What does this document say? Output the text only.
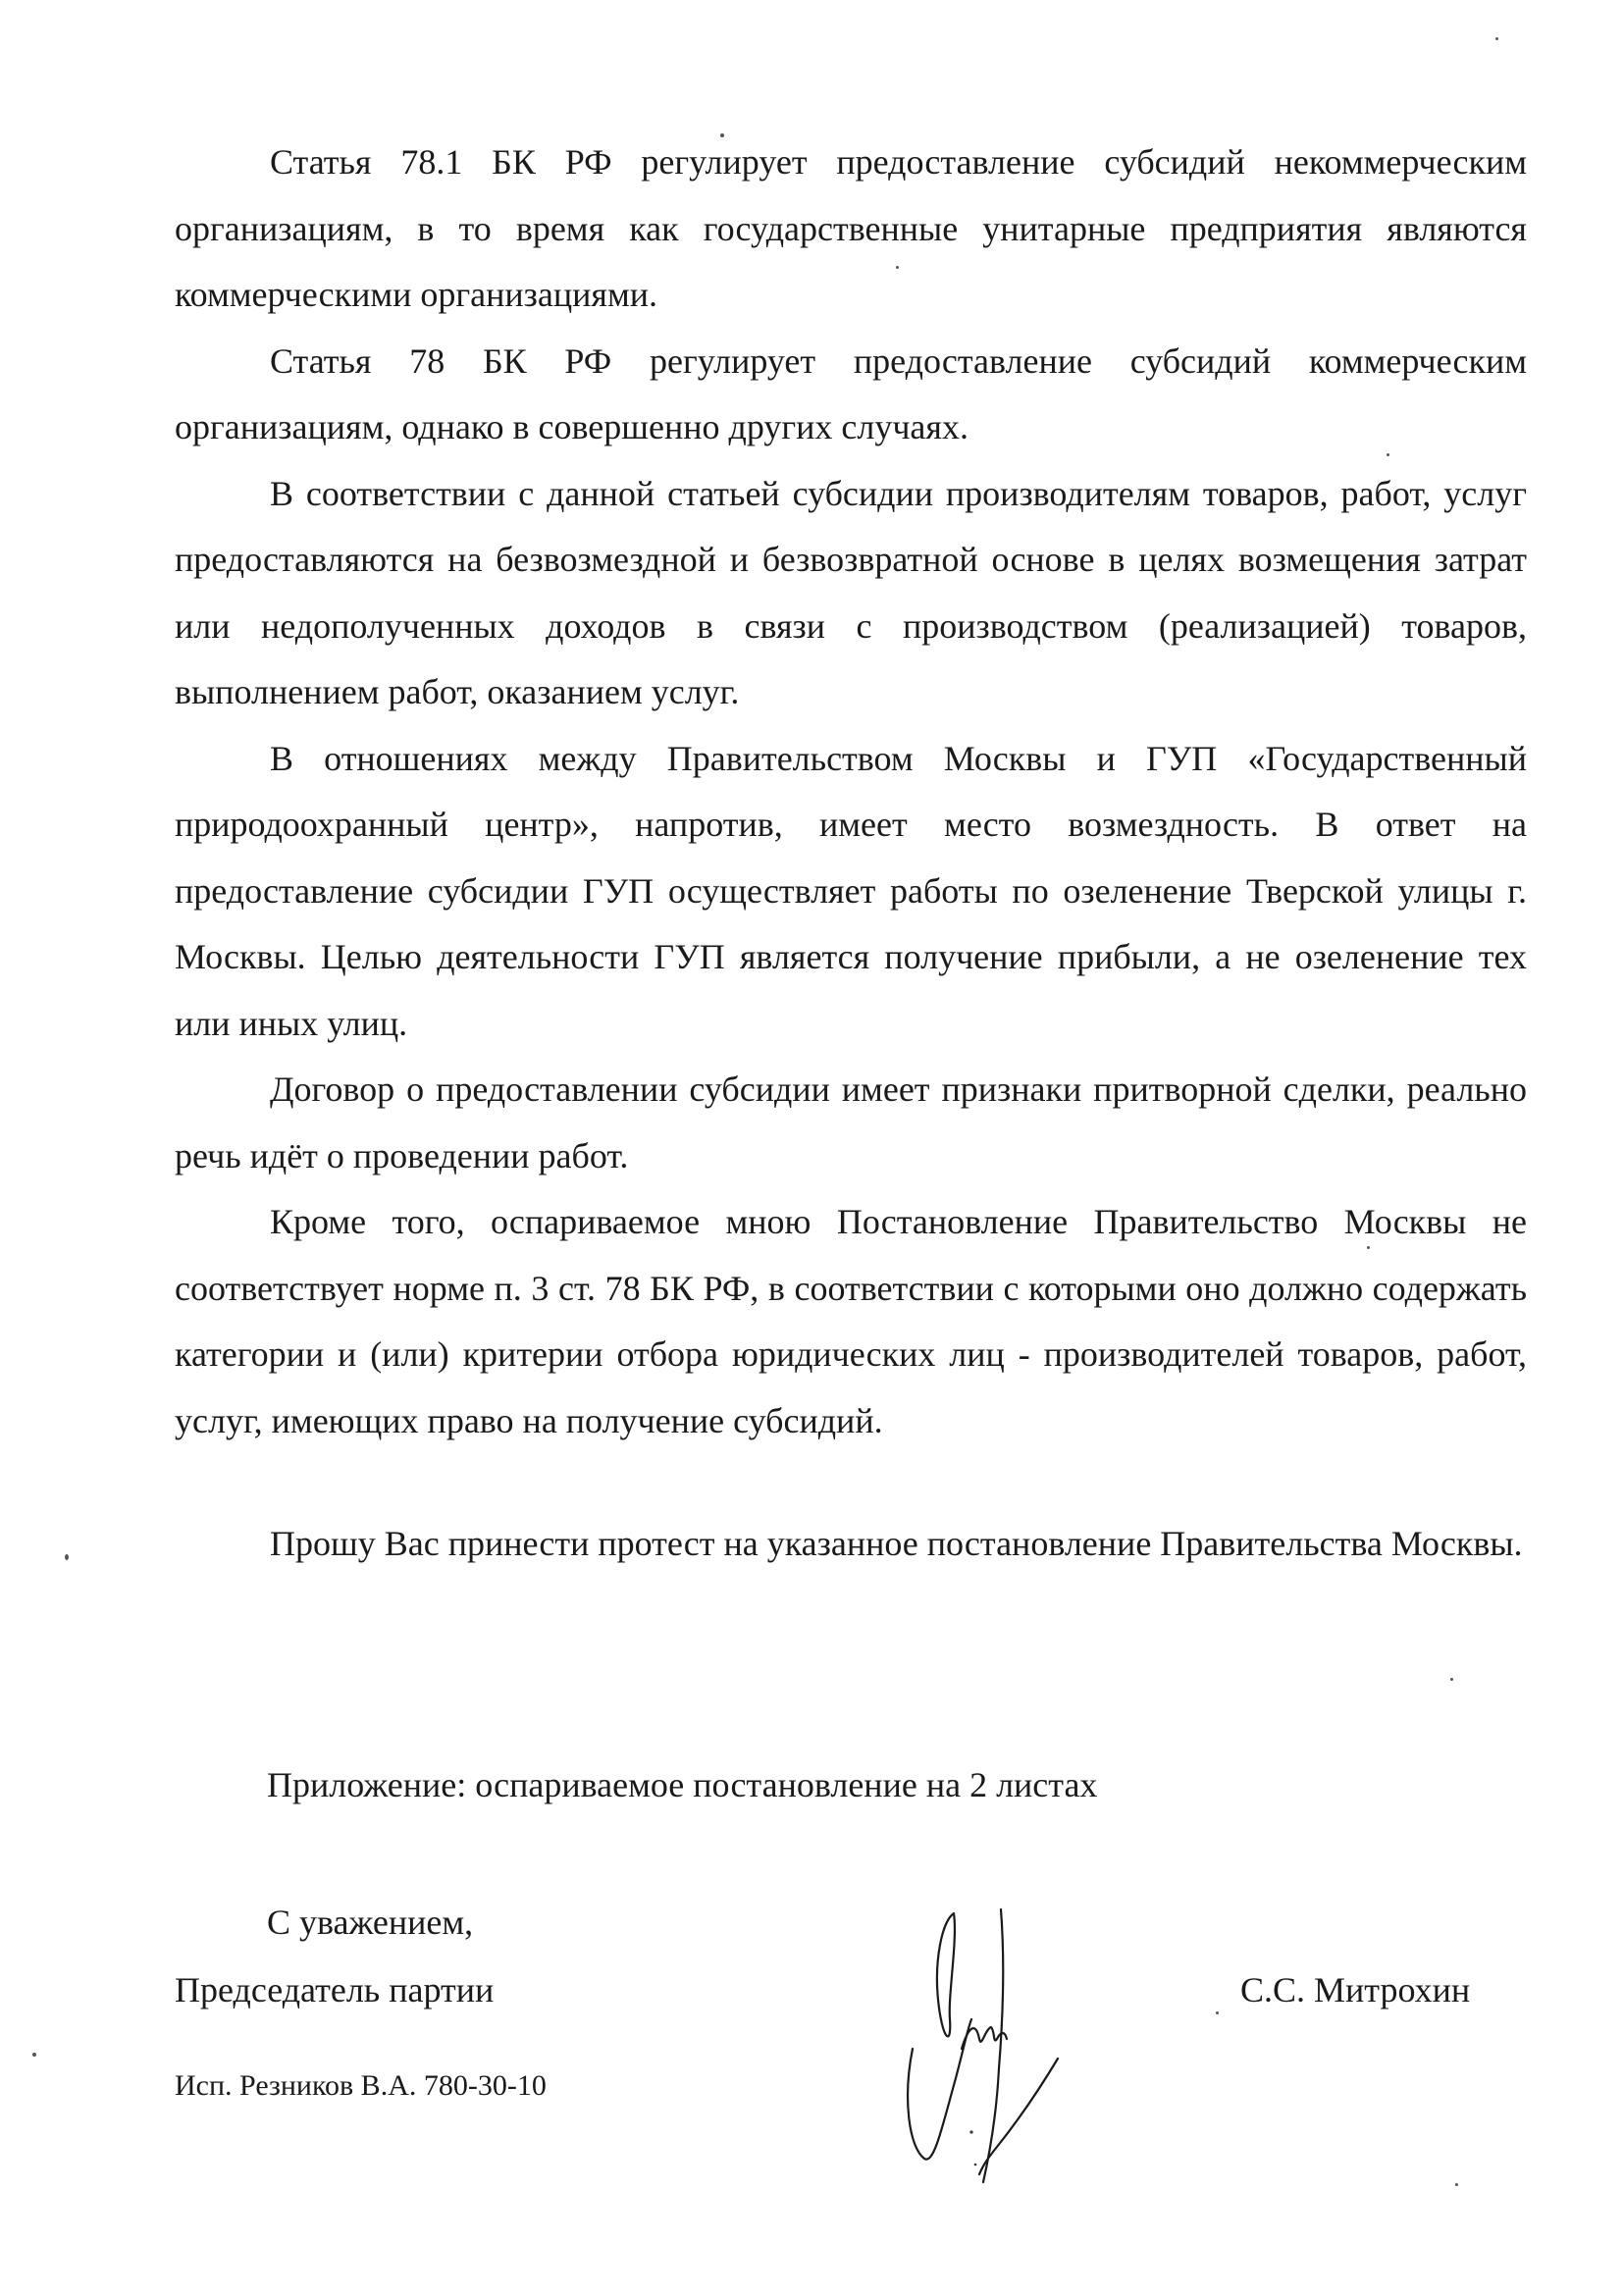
Статья 78.1 БК РФ регулирует предоставление субсидий некоммерческим организациям, в то время как государственные унитарные предприятия являются коммерческими организациями.

Статья 78 БК РФ регулирует предоставление субсидий коммерческим организациям, однако в совершенно других случаях.

В соответствии с данной статьей субсидии производителям товаров, работ, услуг предоставляются на безвозмездной и безвозвратной основе в целях возмещения затрат или недополученных доходов в связи с производством (реализацией) товаров, выполнением работ, оказанием услуг.

В отношениях между Правительством Москвы и ГУП «Государственный природоохранный центр», напротив, имеет место возмездность. В ответ на предоставление субсидии ГУП осуществляет работы по озеленение Тверской улицы г. Москвы. Целью деятельности ГУП является получение прибыли, а не озеленение тех или иных улиц.

Договор о предоставлении субсидии имеет признаки притворной сделки, реально речь идёт о проведении работ.

Кроме того, оспариваемое мною Постановление Правительство Москвы не соответствует норме п. 3 ст. 78 БК РФ, в соответствии с которыми оно должно содержать категории и (или) критерии отбора юридических лиц - производителей товаров, работ, услуг, имеющих право на получение субсидий.

Прошу Вас принести протест на указанное постановление Правительства Москвы.

Приложение: оспариваемое постановление на 2 листах
С уважением,
Председатель партии	С.С. Митрохин
Исп. Резников В.А. 780-30-10
